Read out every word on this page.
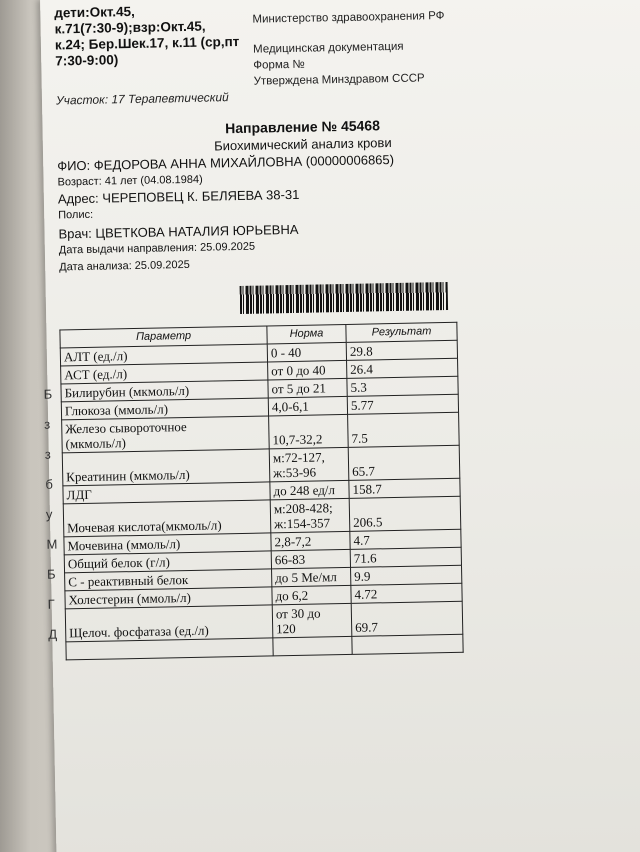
дети:Окт.45,
к.71(7:30-9);взр:Окт.45,
к.24; Бер.Шек.17, к.11 (ср,пт
7:30-9:00)
Участок: 17 Терапевтический
Министерство здравоохранения РФ
Медицинская документация
Форма №
Утверждена Минздравом СССР
Направление № 45468
Биохимический анализ крови
ФИО: ФЕДОРОВА АННА МИХАЙЛОВНА (00000006865)
Возраст: 41 лет (04.08.1984)
Адрес: ЧЕРЕПОВЕЦ К. БЕЛЯЕВА 38-31
Полис:
Врач: ЦВЕТКОВА НАТАЛИЯ ЮРЬЕВНА
Дата выдачи направления: 25.09.2025
Дата анализа: 25.09.2025
Параметр	Норма	Результат
АЛТ (ед./л)	0 - 40	29.8
АСТ (ед./л)	от 0 до 40	26.4
Билирубин (мкмоль/л)	от 5 до 21	5.3
Глюкоза (ммоль/л)	4,0-6,1	5.77
Железо сывороточное
(мкмоль/л)	10,7-32,2	7.5
Креатинин (мкмоль/л)	м:72-127,
ж:53-96	65.7
ЛДГ	до 248 ед/л	158.7
Мочевая кислота(мкмоль/л)	м:208-428;
ж:154-357	206.5
Мочевина (ммоль/л)	2,8-7,2	4.7
Общий белок (г/л)	66-83	71.6
С - реактивный белок	до 5 Ме/мл	9.9
Холестерин (ммоль/л)	до 6,2	4.72
Щелоч. фосфатаза (ед./л)	от 30 до
120	69.7

Б
з
з
б
у
М
Б
Г
Д
